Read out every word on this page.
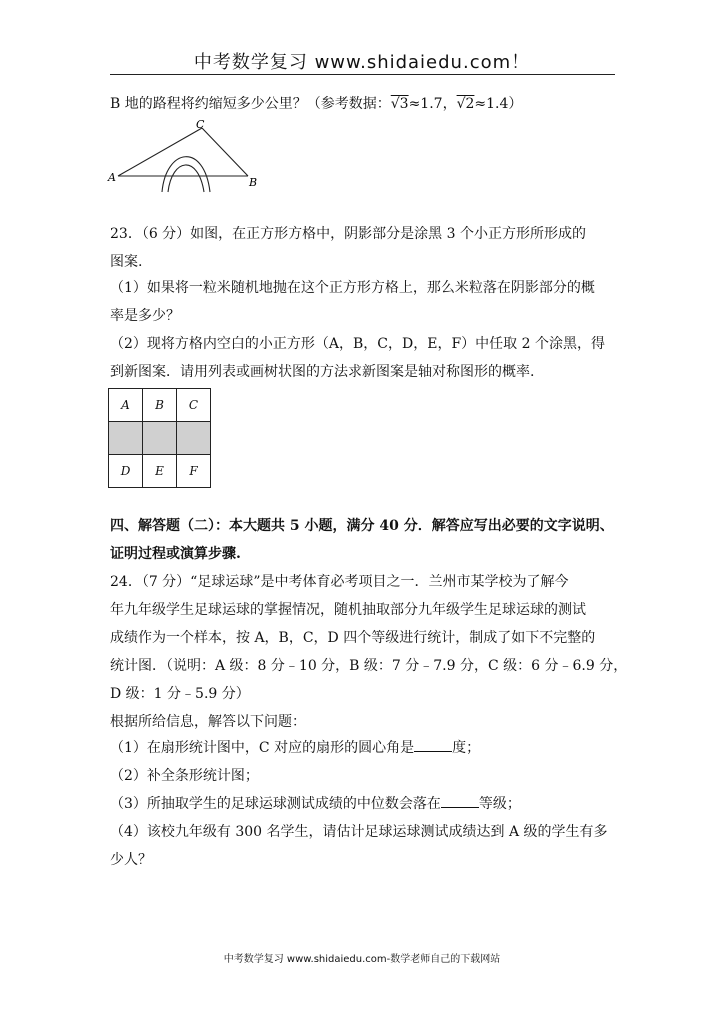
中考数学复习 www.shidaiedu.com！
B 地的路程将约缩短多少公里？（参考数据：√3≈1.7，√2≈1.4）
A	B
C
23．（6 分）如图，在正方形方格中，阴影部分是涂黑 3 个小正方形所形成的
图案.
（1）如果将一粒米随机地抛在这个正方形方格上，那么米粒落在阴影部分的概
率是多少？
（2）现将方格内空白的小正方形（A，B，C，D，E，F）中任取 2 个涂黑，得
到新图案．请用列表或画树状图的方法求新图案是轴对称图形的概率.
A	B	C

D	E	F
四、解答题（二）：本大题共 5 小题，满分 40 分．解答应写出必要的文字说明、
证明过程或演算步骤.
24．（7 分）“足球运球”是中考体育必考项目之一．兰州市某学校为了解今
年九年级学生足球运球的掌握情况，随机抽取部分九年级学生足球运球的测试
成绩作为一个样本，按 A，B，C，D 四个等级进行统计，制成了如下不完整的
统计图．（说明：A 级：8 分﹣10 分，B 级：7 分﹣7.9 分，C 级：6 分﹣6.9 分，
D 级：1 分﹣5.9 分）
根据所给信息，解答以下问题：
（1）在扇形统计图中，C 对应的扇形的圆心角是	度；
（2）补全条形统计图；
（3）所抽取学生的足球运球测试成绩的中位数会落在	等级；
（4）该校九年级有 300 名学生，请估计足球运球测试成绩达到 A 级的学生有多
少人？
中考数学复习 www.shidaiedu.com-数学老师自己的下载网站
